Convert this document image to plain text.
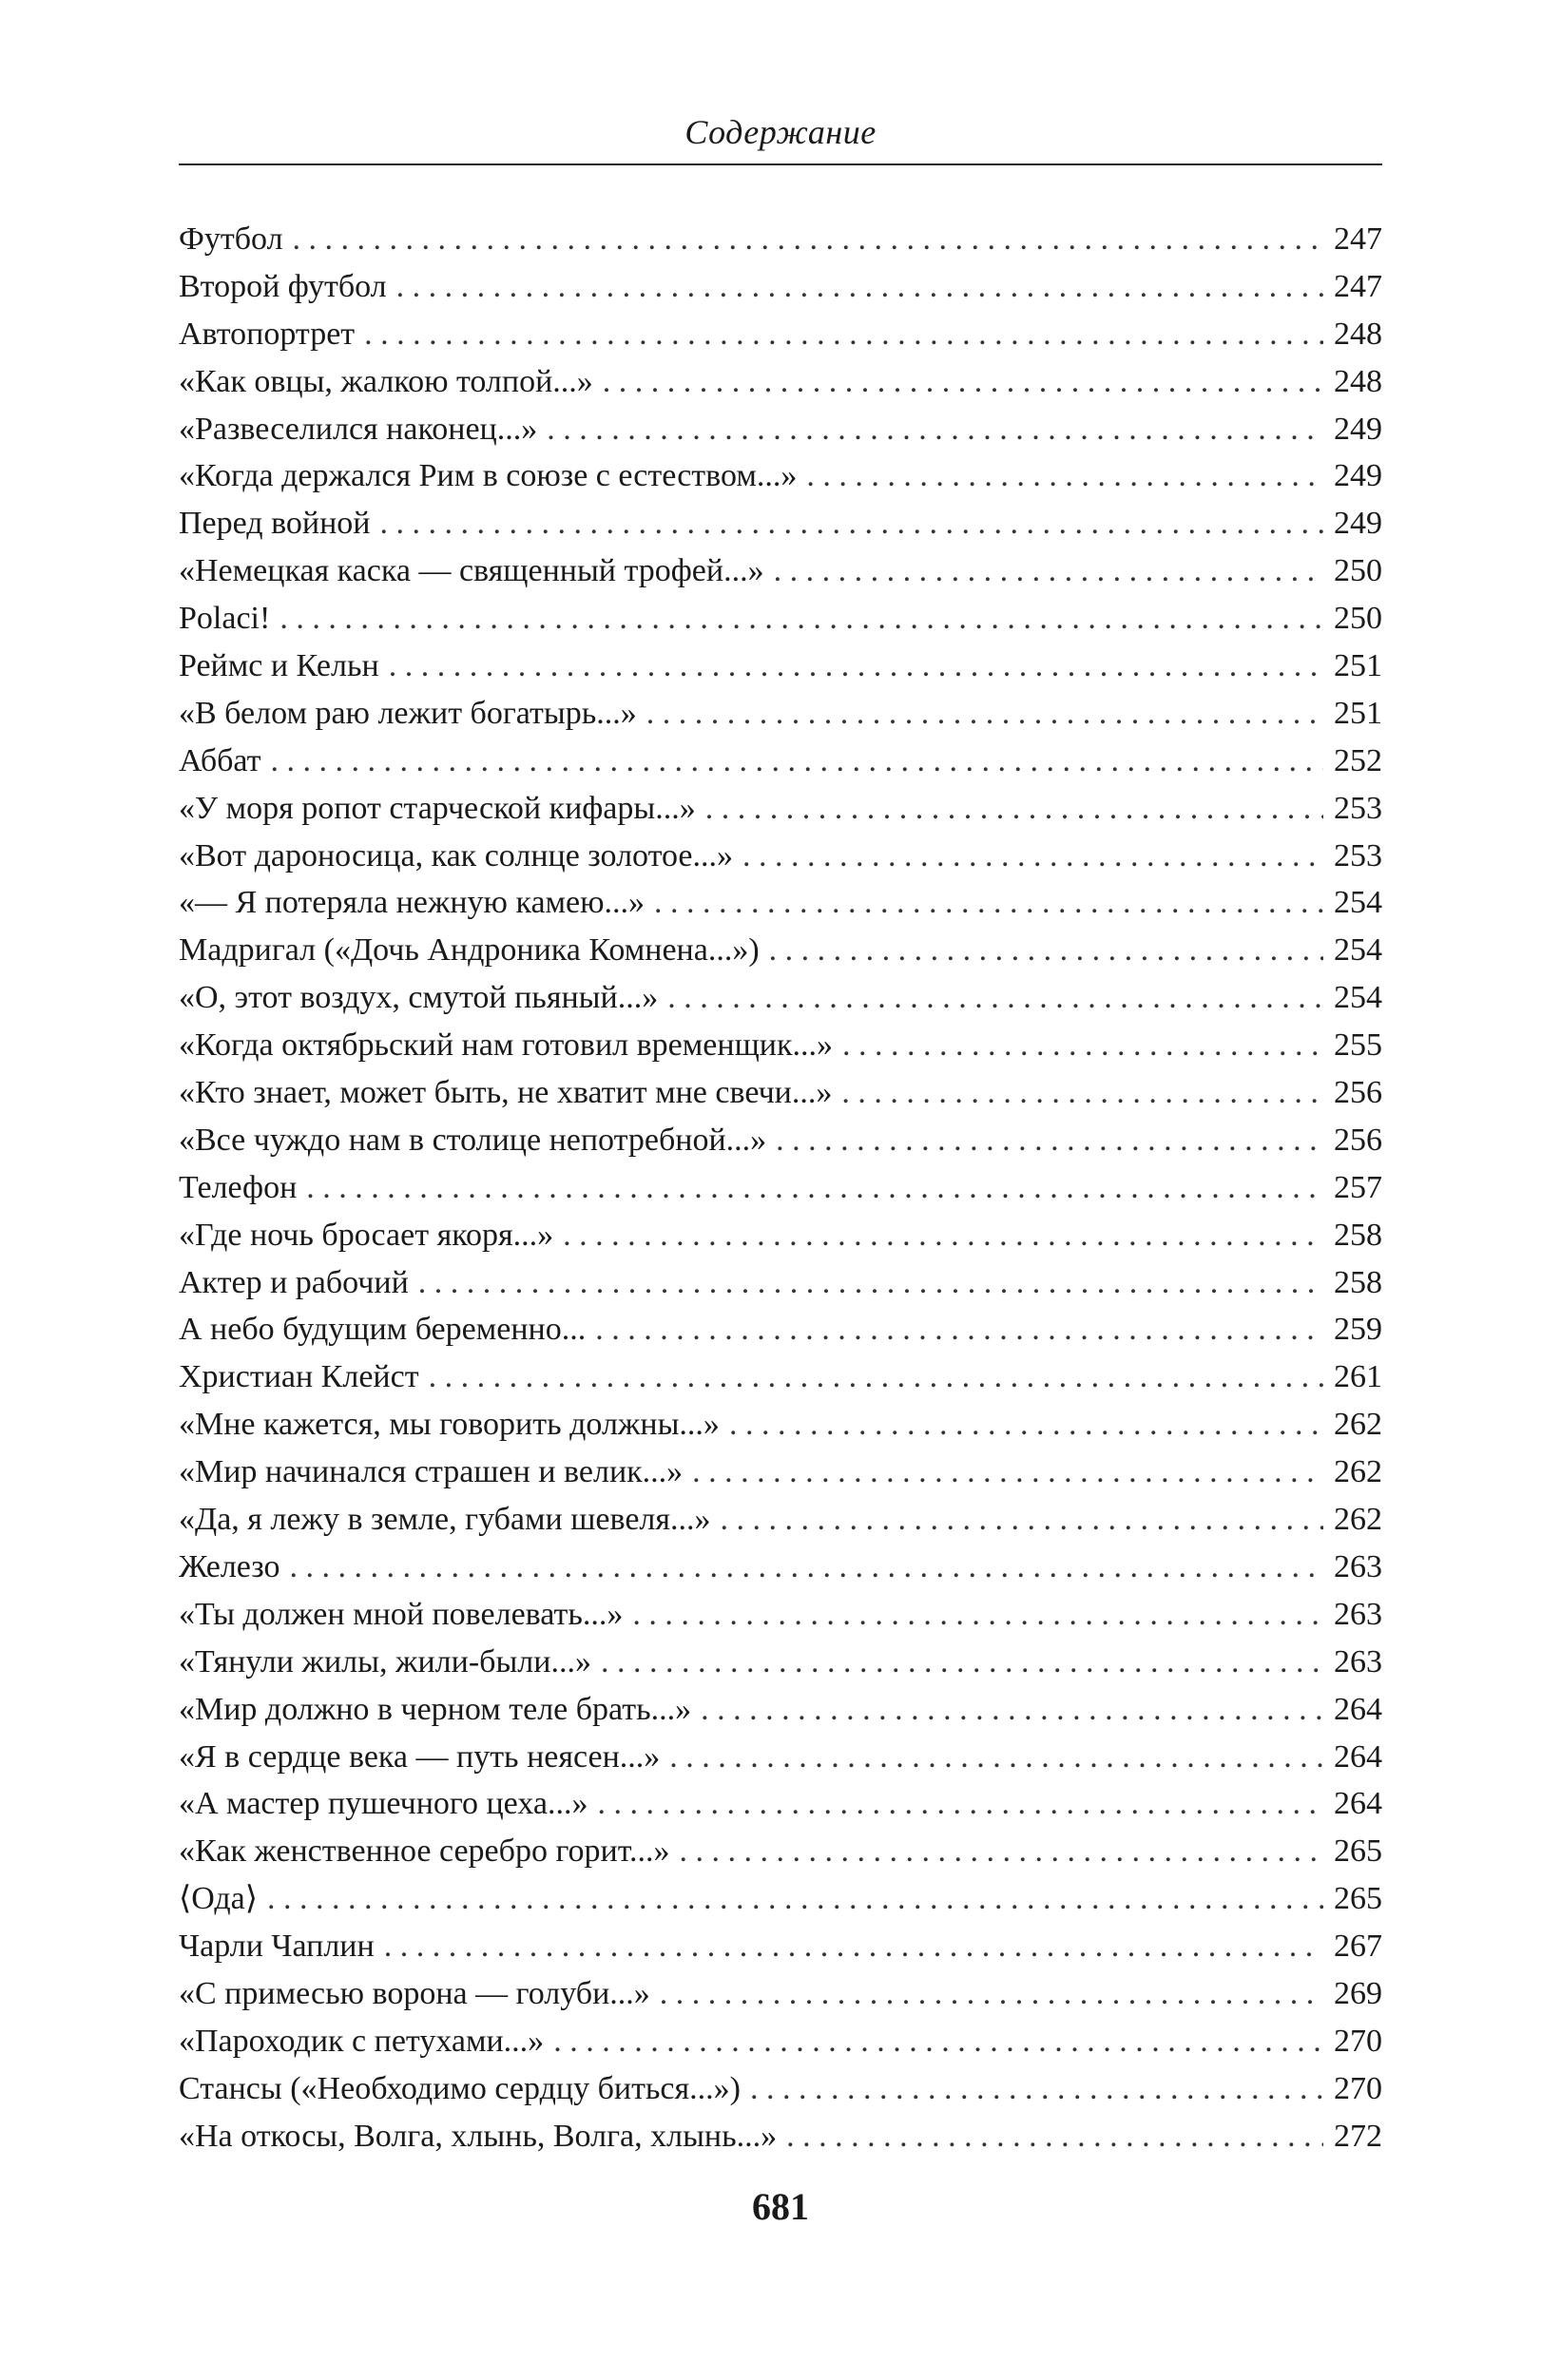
Содержание
Футбол . . .	247
Второй футбол . . .	247
Автопортрет . . .	248
«Как овцы, жалкою толпой...» . . .	248
«Развеселился наконец...» . . .	249
«Когда держался Рим в союзе с естеством...» . . .	249
Перед войной . . .	249
«Немецкая каска — священный трофей...» . . .	250
Polaci! . . .	250
Реймс и Кельн . . .	251
«В белом раю лежит богатырь...» . . .	251
Аббат . . .	252
«У моря ропот старческой кифары...» . . .	253
«Вот дароносица, как солнце золотое...» . . .	253
«— Я потеряла нежную камею...» . . .	254
Мадригал («Дочь Андроника Комнена...») . . .	254
«О, этот воздух, смутой пьяный...» . . .	254
«Когда октябрьский нам готовил временщик...» . . .	255
«Кто знает, может быть, не хватит мне свечи...» . . .	256
«Все чуждо нам в столице непотребной...» . . .	256
Телефон . . .	257
«Где ночь бросает якоря...» . . .	258
Актер и рабочий . . .	258
А небо будущим беременно... . . .	259
Христиан Клейст . . .	261
«Мне кажется, мы говорить должны...» . . .	262
«Мир начинался страшен и велик...» . . .	262
«Да, я лежу в земле, губами шевеля...» . . .	262
Железо . . .	263
«Ты должен мной повелевать...» . . .	263
«Тянули жилы, жили-были...» . . .	263
«Мир должно в черном теле брать...» . . .	264
«Я в сердце века — путь неясен...» . . .	264
«А мастер пушечного цеха...» . . .	264
«Как женственное серебро горит...» . . .	265
⟨Ода⟩ . . .	265
Чарли Чаплин . . .	267
«С примесью ворона — голуби...» . . .	269
«Пароходик с петухами...» . . .	270
Стансы («Необходимо сердцу биться...») . . .	270
«На откосы, Волга, хлынь, Волга, хлынь...» . . .	272
681
